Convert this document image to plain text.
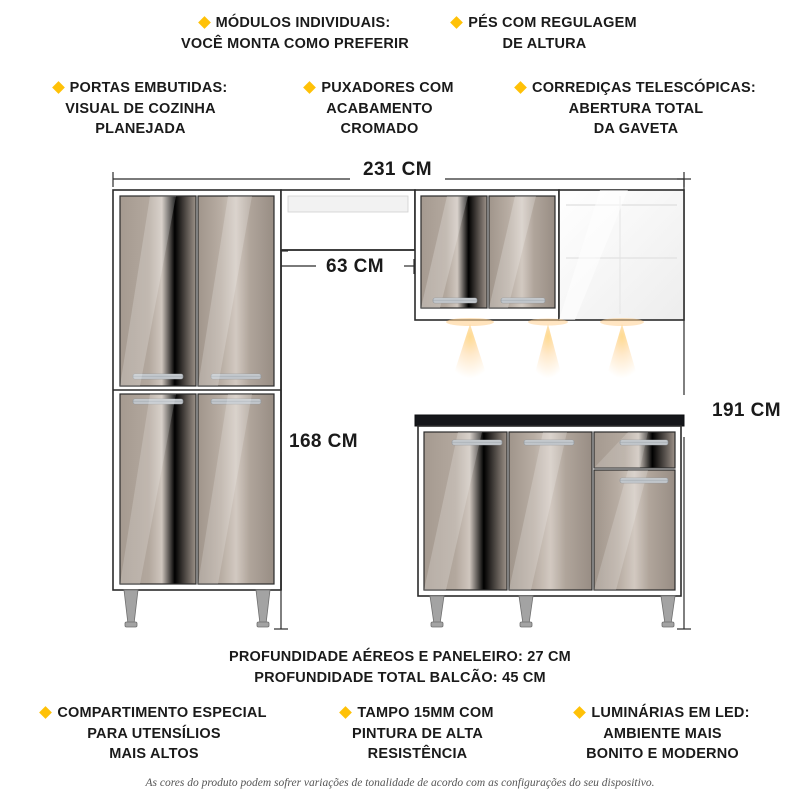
MÓDULOS INDIVIDUAIS:
VOCÊ MONTA COMO PREFERIR
PÉS COM REGULAGEM
DE ALTURA
PORTAS EMBUTIDAS:
VISUAL DE COZINHA
PLANEJADA
PUXADORES COM
ACABAMENTO
CROMADO
CORREDIÇAS TELESCÓPICAS:
ABERTURA TOTAL
DA GAVETA
231 CM
63 CM
168 CM
191 CM
PROFUNDIDADE AÉREOS E PANELEIRO: 27 CM
PROFUNDIDADE TOTAL BALCÃO: 45 CM
COMPARTIMENTO ESPECIAL
PARA UTENSÍLIOS
MAIS ALTOS
TAMPO 15MM COM
PINTURA DE ALTA
RESISTÊNCIA
LUMINÁRIAS EM LED:
AMBIENTE MAIS
BONITO E MODERNO
As cores do produto podem sofrer variações de tonalidade de acordo com as configurações do seu dispositivo.
